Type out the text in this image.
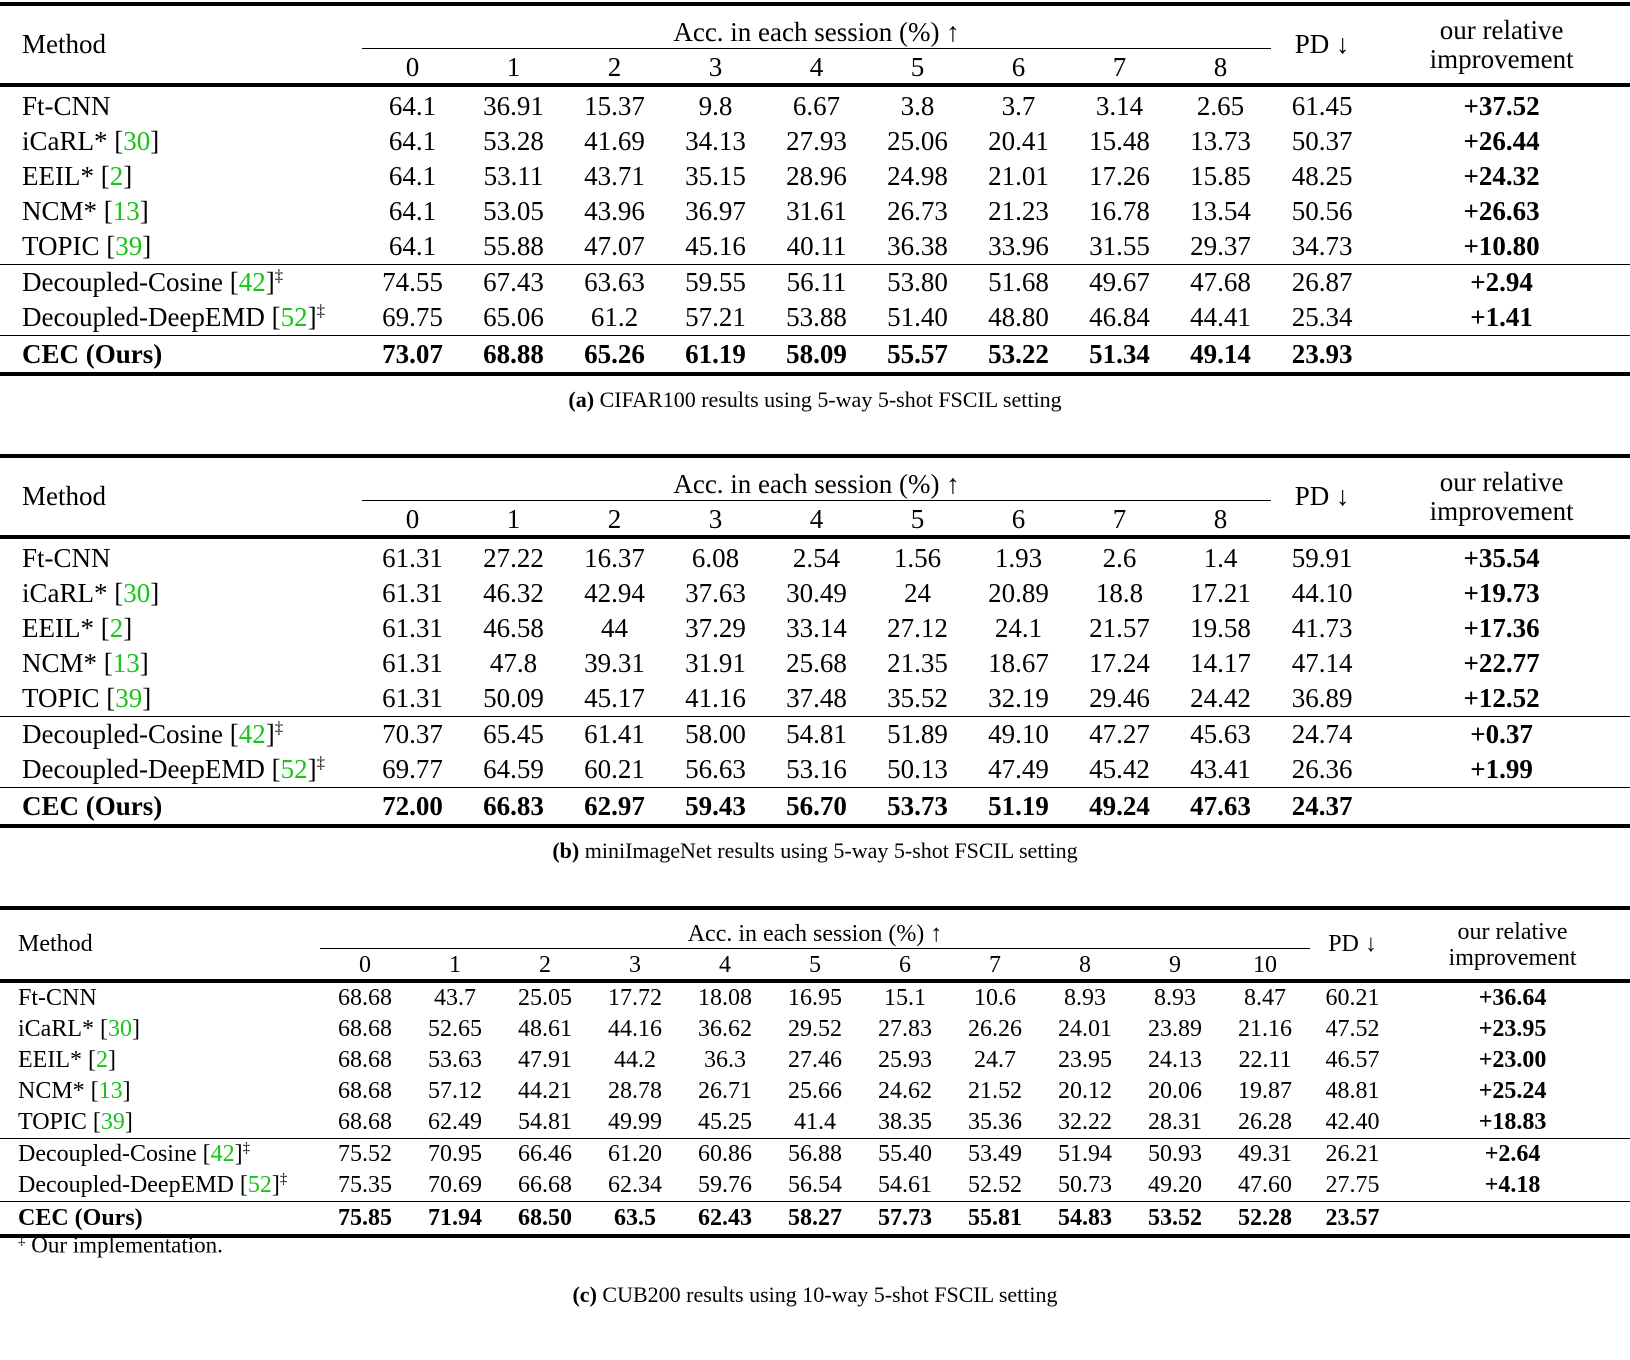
Method	Acc. in each session (%) ↑									PD ↓	our relative
improvement
	0	1	2	3	4	5	6	7	8		
Ft-CNN	64.1	36.91	15.37	9.8	6.67	3.8	3.7	3.14	2.65	61.45	+37.52
iCaRL* [30]	64.1	53.28	41.69	34.13	27.93	25.06	20.41	15.48	13.73	50.37	+26.44
EEIL* [2]	64.1	53.11	43.71	35.15	28.96	24.98	21.01	17.26	15.85	48.25	+24.32
NCM* [13]	64.1	53.05	43.96	36.97	31.61	26.73	21.23	16.78	13.54	50.56	+26.63
TOPIC [39]	64.1	55.88	47.07	45.16	40.11	36.38	33.96	31.55	29.37	34.73	+10.80
Decoupled-Cosine [42]‡	74.55	67.43	63.63	59.55	56.11	53.80	51.68	49.67	47.68	26.87	+2.94
Decoupled-DeepEMD [52]‡	69.75	65.06	61.2	57.21	53.88	51.40	48.80	46.84	44.41	25.34	+1.41
CEC (Ours)	73.07	68.88	65.26	61.19	58.09	55.57	53.22	51.34	49.14	23.93	
(a) CIFAR100 results using 5-way 5-shot FSCIL setting
Method	Acc. in each session (%) ↑									PD ↓	our relative
improvement
	0	1	2	3	4	5	6	7	8		
Ft-CNN	61.31	27.22	16.37	6.08	2.54	1.56	1.93	2.6	1.4	59.91	+35.54
iCaRL* [30]	61.31	46.32	42.94	37.63	30.49	24	20.89	18.8	17.21	44.10	+19.73
EEIL* [2]	61.31	46.58	44	37.29	33.14	27.12	24.1	21.57	19.58	41.73	+17.36
NCM* [13]	61.31	47.8	39.31	31.91	25.68	21.35	18.67	17.24	14.17	47.14	+22.77
TOPIC [39]	61.31	50.09	45.17	41.16	37.48	35.52	32.19	29.46	24.42	36.89	+12.52
Decoupled-Cosine [42]‡	70.37	65.45	61.41	58.00	54.81	51.89	49.10	47.27	45.63	24.74	+0.37
Decoupled-DeepEMD [52]‡	69.77	64.59	60.21	56.63	53.16	50.13	47.49	45.42	43.41	26.36	+1.99
CEC (Ours)	72.00	66.83	62.97	59.43	56.70	53.73	51.19	49.24	47.63	24.37	
(b) miniImageNet results using 5-way 5-shot FSCIL setting
Method	Acc. in each session (%) ↑											PD ↓	our relative
improvement
	0	1	2	3	4	5	6	7	8	9	10		
Ft-CNN	68.68	43.7	25.05	17.72	18.08	16.95	15.1	10.6	8.93	8.93	8.47	60.21	+36.64
iCaRL* [30]	68.68	52.65	48.61	44.16	36.62	29.52	27.83	26.26	24.01	23.89	21.16	47.52	+23.95
EEIL* [2]	68.68	53.63	47.91	44.2	36.3	27.46	25.93	24.7	23.95	24.13	22.11	46.57	+23.00
NCM* [13]	68.68	57.12	44.21	28.78	26.71	25.66	24.62	21.52	20.12	20.06	19.87	48.81	+25.24
TOPIC [39]	68.68	62.49	54.81	49.99	45.25	41.4	38.35	35.36	32.22	28.31	26.28	42.40	+18.83
Decoupled-Cosine [42]‡	75.52	70.95	66.46	61.20	60.86	56.88	55.40	53.49	51.94	50.93	49.31	26.21	+2.64
Decoupled-DeepEMD [52]‡	75.35	70.69	66.68	62.34	59.76	56.54	54.61	52.52	50.73	49.20	47.60	27.75	+4.18
CEC (Ours)	75.85	71.94	68.50	63.5	62.43	58.27	57.73	55.81	54.83	53.52	52.28	23.57	
‡ Our implementation.
(c) CUB200 results using 10-way 5-shot FSCIL setting
